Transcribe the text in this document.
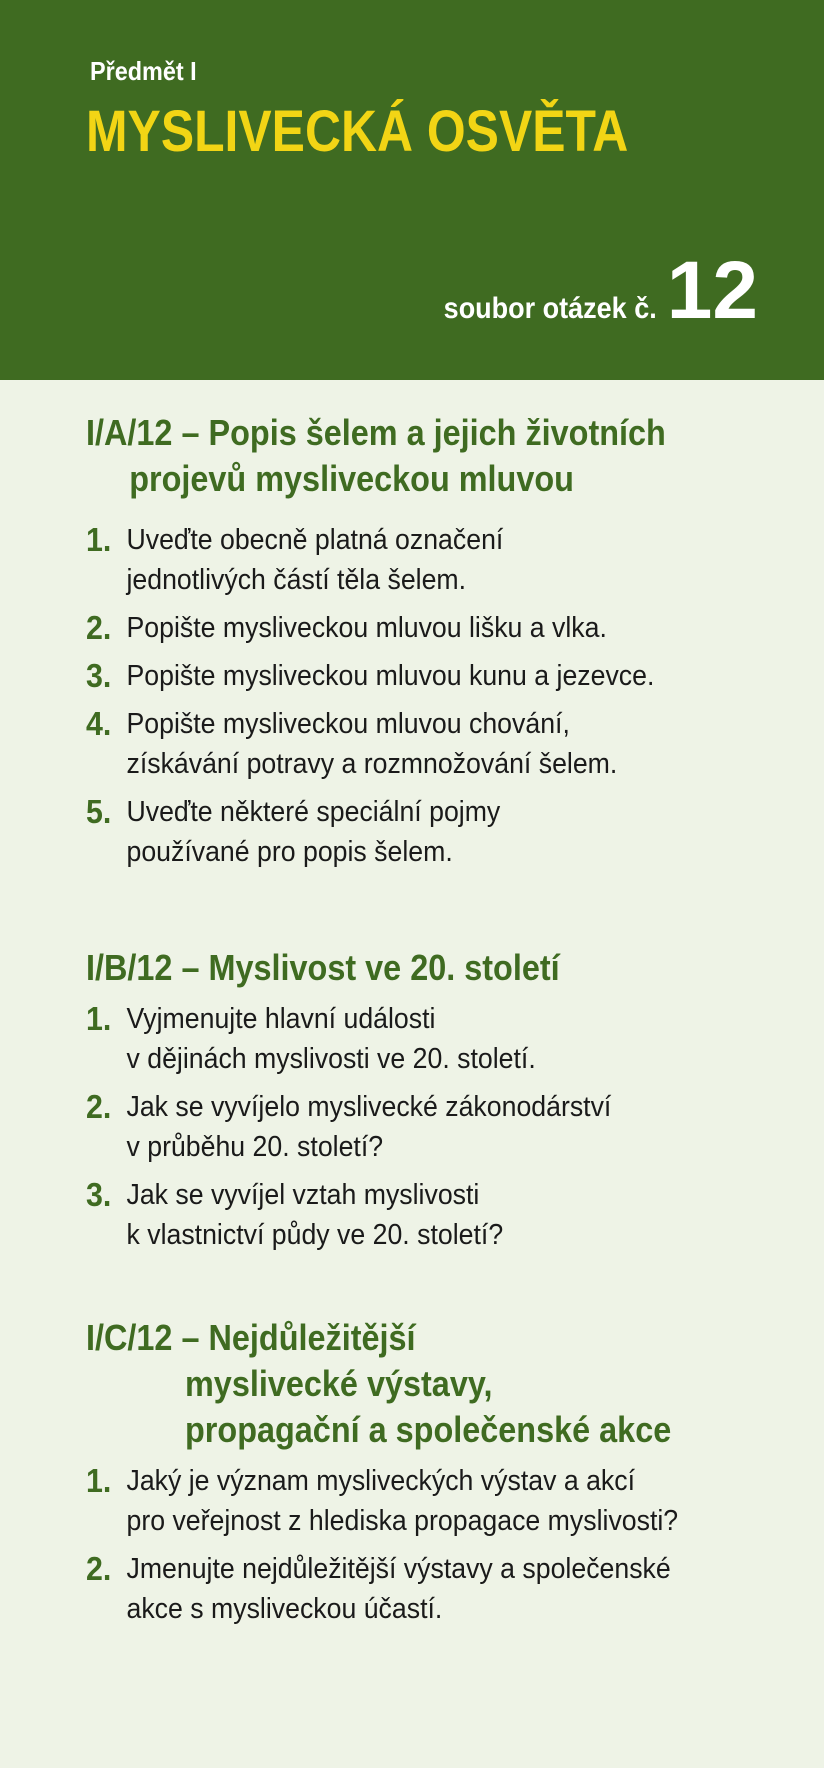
Předmět I
MYSLIVECKÁ OSVĚTA
soubor otázek č. 12
I/A/12 – Popis šelem a jejich životních
projevů mysliveckou mluvou
1. Uveďte obecně platná označení
jednotlivých částí těla šelem.
2. Popište mysliveckou mluvou lišku a vlka.
3. Popište mysliveckou mluvou kunu a jezevce.
4. Popište mysliveckou mluvou chování,
získávání potravy a rozmnožování šelem.
5. Uveďte některé speciální pojmy
používané pro popis šelem.
I/B/12 – Myslivost ve 20. století
1. Vyjmenujte hlavní události
v dějinách myslivosti ve 20. století.
2. Jak se vyvíjelo myslivecké zákonodárství
v průběhu 20. století?
3. Jak se vyvíjel vztah myslivosti
k vlastnictví půdy ve 20. století?
I/C/12 – Nejdůležitější
myslivecké výstavy,
propagační a společenské akce
1. Jaký je význam mysliveckých výstav a akcí
pro veřejnost z hlediska propagace myslivosti?
2. Jmenujte nejdůležitější výstavy a společenské
akce s mysliveckou účastí.
